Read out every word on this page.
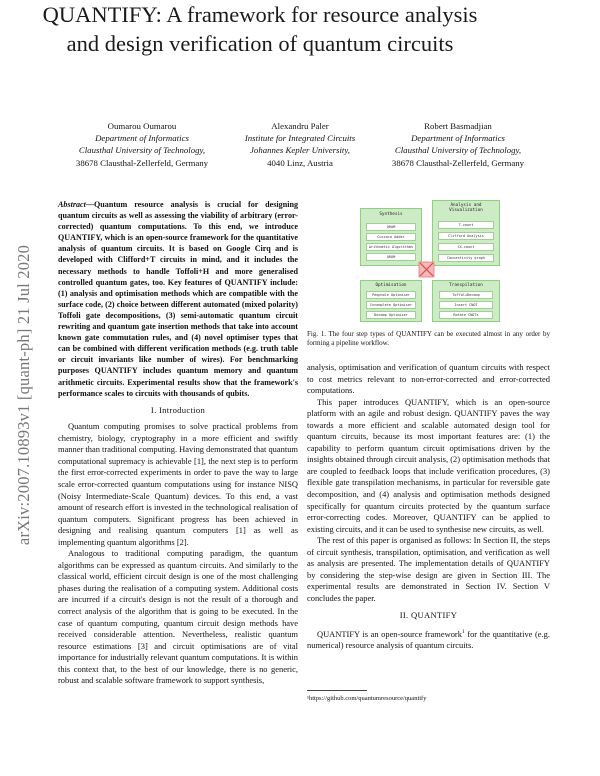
QUANTIFY: A framework for resource analysis
and design verification of quantum circuits
Oumarou Oumarou
Department of Informatics
Clausthal University of Technology,
38678 Clausthal-Zellerfeld, Germany
Alexandru Paler
Institute for Integrated Circuits
Johannes Kepler University,
4040 Linz, Austria
Robert Basmadjian
Department of Informatics
Clausthal University of Technology,
38678 Clausthal-Zellerfeld, Germany
arXiv:2007.10893v1 [quant-ph] 21 Jul 2020

Abstract—Quantum resource analysis is crucial for designing quantum circuits as well as assessing the viability of arbitrary (error-corrected) quantum computations. To this end, we introduce QUANTIFY, which is an open-source framework for the quantitative analysis of quantum circuits. It is based on Google Cirq and is developed with Clifford+T circuits in mind, and it includes the necessary methods to handle Toffoli+H and more generalised controlled quantum gates, too. Key features of QUANTIFY include: (1) analysis and optimisation methods which are compatible with the surface code, (2) choice between different automated (mixed polarity) Toffoli gate decompositions, (3) semi-automatic quantum circuit rewriting and quantum gate insertion methods that take into account known gate commutation rules, and (4) novel optimiser types that can be combined with different verification methods (e.g. truth table or circuit invariants like number of wires). For benchmarking purposes QUANTIFY includes quantum memory and quantum arithmetic circuits. Experimental results show that the framework's performance scales to circuits with thousands of qubits.

I. Introduction

Quantum computing promises to solve practical problems from chemistry, biology, cryptography in a more efficient and swiftly manner than traditional computing. Having demonstrated that quantum computational supremacy is achievable [1], the next step is to perform the first error-corrected experiments in order to pave the way to large scale error-corrected quantum computations using for instance NISQ (Noisy Intermediate-Scale Quantum) devices. To this end, a vast amount of research effort is invested in the technological realisation of quantum computers. Significant progress has been achieved in designing and realising quantum computers [1] as well as implementing quantum algorithms [2].

Analogous to traditional computing paradigm, the quantum algorithms can be expressed as quantum circuits. And similarly to the classical world, efficient circuit design is one of the most challenging phases during the realisation of a computing system. Additional costs are incurred if a circuit's design is not the result of a thorough and correct analysis of the algorithm that is going to be executed. In the case of quantum computing, quantum circuit design methods have received considerable attention. Nevertheless, realistic quantum resource estimations [3] and circuit optimisations are of vital importance for industrially relevant quantum computations. It is within this context that, to the best of our knowledge, there is no generic, robust and scalable software framework to support synthesis,

Synthesis
QRAM
Cuccaro Adder
Arithmetic Algorithms
QROM
Analysis and Visualization
T-count
Clifford Analysis
CX-count
Connectivity graph
Optimisation
Peephole Optimiser
Incomplete Optimiser
Decomp Optimiser
Transpilation
ToffoliDecomp
Insert CNOT
Rotate CNOTs
Fig. 1. The four step types of QUANTIFY can be executed almost in any order by forming a pipeline workflow.

analysis, optimisation and verification of quantum circuits with respect to cost metrics relevant to non-error-corrected and error-corrected computations.

This paper introduces QUANTIFY, which is an open-source platform with an agile and robust design. QUANTIFY paves the way towards a more efficient and scalable automated design tool for quantum circuits, because its most important features are: (1) the capability to perform quantum circuit optimisations driven by the insights obtained through circuit analysis, (2) optimisation methods that are coupled to feedback loops that include verification procedures, (3) flexible gate transpilation mechanisms, in particular for reversible gate decomposition, and (4) analysis and optimisation methods designed specifically for quantum circuits protected by the quantum surface error-correcting codes. Moreover, QUANTIFY can be applied to existing circuits, and it can be used to synthesise new circuits, as well.

The rest of this paper is organised as follows: In Section II, the steps of circuit synthesis, transpilation, optimisation, and verification as well as analysis are presented. The implementation details of QUANTIFY by considering the step-wise design are given in Section III. The experimental results are demonstrated in Section IV. Section V concludes the paper.

II. QUANTIFY

QUANTIFY is an open-source framework$^1$ for the quantitative (e.g. numerical) resource analysis of quantum circuits.

¹https://github.com/quantumresource/quantify
